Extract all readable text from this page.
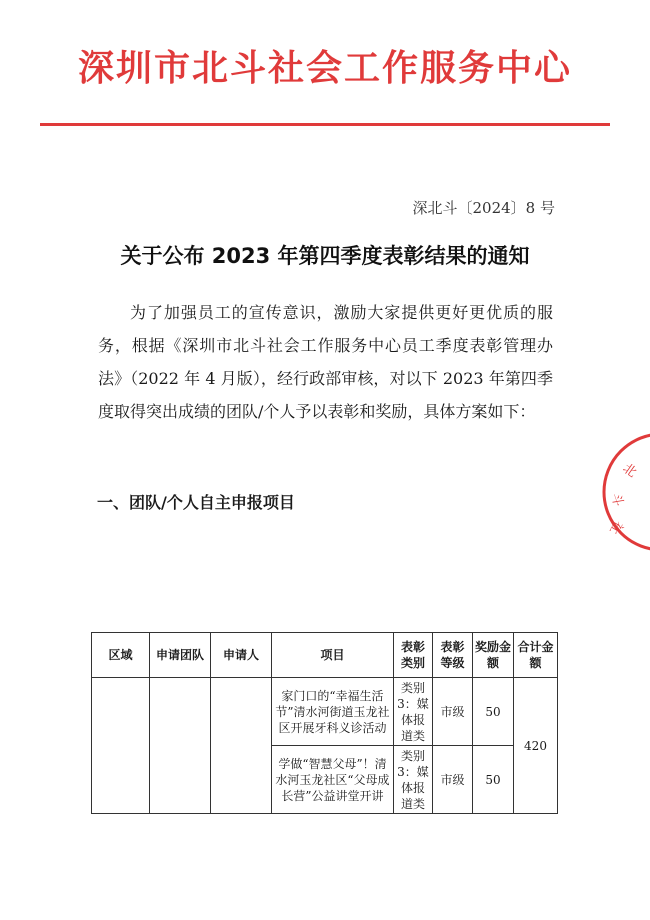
深圳市北斗社会工作服务中心
深北斗〔2024〕8 号
关于公布 2023 年第四季度表彰结果的通知

为了加强员工的宣传意识，激励大家提供更好更优质的服务，根据《深圳市北斗社会工作服务中心员工季度表彰管理办法》（2022 年 4 月版），经行政部审核，对以下 2023 年第四季度取得突出成绩的团队/个人予以表彰和奖励，具体方案如下：

一、团队/个人自主申报项目
北
斗
社
区域	申请团队	申请人	项目	表彰类别	表彰等级	奖励金额	合计金额
			家门口的“幸福生活节”清水河街道玉龙社区开展牙科义诊活动	类别3：媒体报道类	市级	50	420
			学做“智慧父母”！清水河玉龙社区“父母成长营”公益讲堂开讲	类别3：媒体报道类	市级	50	
